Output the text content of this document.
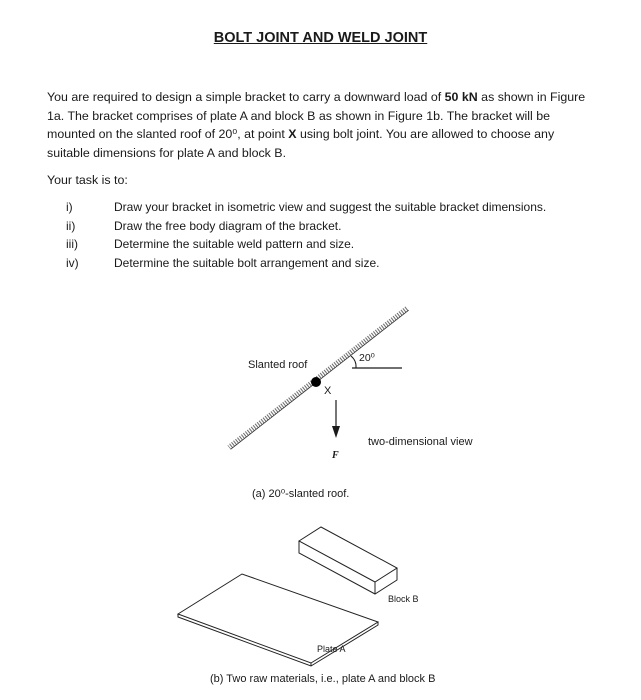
BOLT JOINT AND WELD JOINT
You are required to design a simple bracket to carry a downward load of 50 kN as shown in Figure 1a. The bracket comprises of plate A and block B as shown in Figure 1b. The bracket will be mounted on the slanted roof of 20⁰, at point X using bolt joint. You are allowed to choose any suitable dimensions for plate A and block B.
Your task is to:
i)	Draw your bracket in isometric view and suggest the suitable bracket dimensions.
ii)	Draw the free body diagram of the bracket.
iii)	Determine the suitable weld pattern and size.
iv)	Determine the suitable bolt arrangement and size.
20⁰
Slanted roof
X
F
two-dimensional view
(a) 20⁰-slanted roof.
Block B
Plate A
(b) Two raw materials, i.e., plate A and block B
